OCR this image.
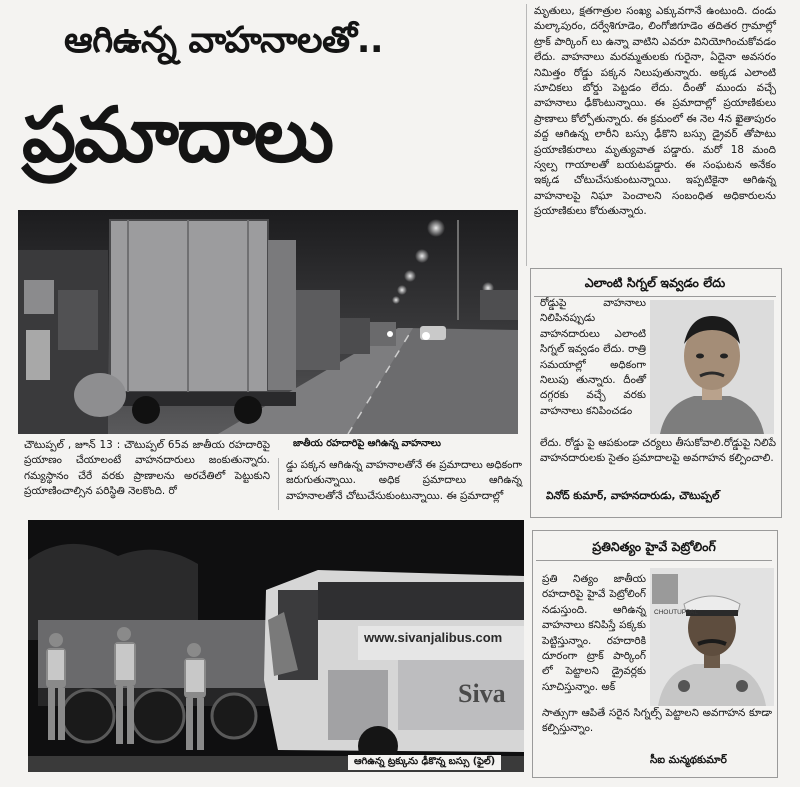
ఆగిఉన్న వాహనాలతో..
ప్రమాదాలు
జాతీయ రహదారిపై ఆగిఉన్న వాహనాలు
చౌటుప్పల్ , జూన్ 13 : చౌటుప్పల్ 65వ జాతీయ రహదారిపై ప్రయాణం చేయాలంటే వాహనదారులు జంకుతున్నారు. గమ్యస్థానం చేరే వరకు ప్రాణాలను అరచేతిలో పెట్టుకుని ప్రయాణించాల్సిన పరిస్థితి నెలకొంది. రో
డ్డు పక్కన ఆగిఉన్న వాహనాలతోనే ఈ ప్రమాదాలు అధికంగా జరుగుతున్నాయి. అధిక ప్రమాదాలు ఆగిఉన్న వాహనాలతోనే చోటుచేసుకుంటున్నాయి. ఈ ప్రమాదాల్లో
www.sivanjalibus.com
Siva
ఆగిఉన్న ట్రక్కును ఢీకొన్న బస్సు (ఫైల్)
మృతులు, క్షతగాత్రుల సంఖ్య ఎక్కువగానే ఉంటుంది. దండు మల్కాపురం, దర్వేశిగూడెం, లింగోజిగూడెం తదితర గ్రామాల్లో ట్రాక్ పార్కింగ్ లు ఉన్నా వాటిని ఎవరూ వినియోగించుకోవడం లేదు. వాహనాలు మరమ్మతులకు గురైనా, ఏదైనా అవసరం నిమిత్తం రోడ్డు పక్కన నిలుపుతున్నారు. అక్కడ ఎలాంటి సూచికలు బోర్డు పెట్టడం లేదు. దీంతో ముందు వచ్చే వాహనాలు ఢీకొంటున్నాయి. ఈ ప్రమాదాల్లో ప్రయాణికులు ప్రాణాలు కోల్పోతున్నారు. ఈ క్రమంలో ఈ నెల 4న ఖైతాపురం వద్ద ఆగిఉన్న లారీని బస్సు ఢీకొని బస్సు డ్రైవర్ తోపాటు ప్రయాణికురాలు మృత్యువాత పడ్డారు. మరో 18 మంది స్వల్ప గాయాలతో బయటపడ్డారు. ఈ సంఘటన అనేకం ఇక్కడ చోటుచేసుకుంటున్నాయి. ఇప్పటికైనా ఆగిఉన్న వాహనాలపై నిఘా పెంచాలని సంబంధిత అధికారులను ప్రయాణికులు కోరుతున్నారు.
ఎలాంటి సిగ్నల్ ఇవ్వడం లేదు
రోడ్డుపై వాహనాలు నిలిపినప్పుడు వాహనదారులు ఎలాంటి సిగ్నల్ ఇవ్వడం లేదు. రాత్రి సమయాల్లో అధికంగా నిలుపు తున్నారు. దీంతో దగ్గరకు వచ్చే వరకు వాహనాలు కనిపించడం
లేదు. రోడ్డు పై ఆపకుండా చర్యలు తీసుకోవాలి.రోడ్డుపై నిలిపే వాహనదారులకు సైతం ప్రమాదాలపై అవగాహన కల్పించాలి.
వినోద్ కుమార్, వాహనదారుడు, చౌటుప్పల్
ప్రతినిత్యం హైవే పెట్రోలింగ్
ప్రతి నిత్యం జాతీయ రహదారిపై హైవే పెట్రోలింగ్ నడుస్తుంది. ఆగిఉన్న వాహనాలు కనిపిస్తే పక్కకు పెట్టిస్తున్నాం. రహదారికి దూరంగా ట్రాక్ పార్కింగ్ లో పెట్టాలని డ్రైవర్లకు సూచిస్తున్నాం. అక్
CHOUTUPPAL
సాత్సుగా ఆపితే సరైన సిగ్నల్స్ పెట్టాలని అవగాహన కూడా కల్పిస్తున్నాం.
సీఐ మన్మథకుమార్
